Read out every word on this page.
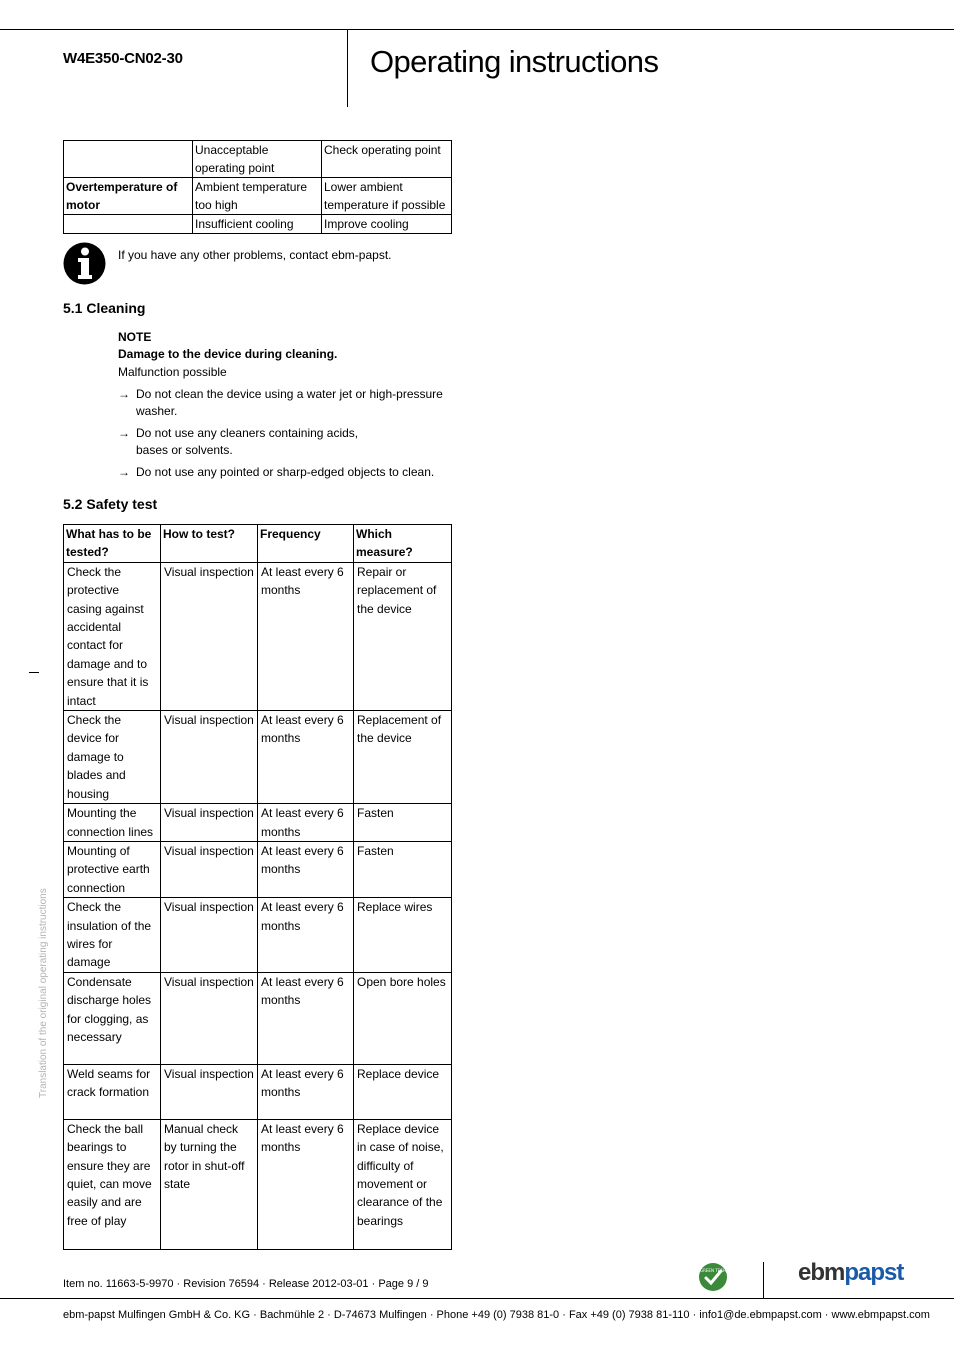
W4E350-CN02-30	Operating instructions
	Unacceptable operating point	Check operating point
Overtemperature of motor	Ambient temperature too high	Lower ambient temperature if possible
	Insufficient cooling	Improve cooling
If you have any other problems, contact ebm-papst.
5.1 Cleaning
NOTE
Damage to the device during cleaning.
Malfunction possible
→ Do not clean the device using a water jet or high-pressure
washer.
→ Do not use any cleaners containing acids,
bases or solvents.
→ Do not use any pointed or sharp-edged objects to clean.
5.2 Safety test
What has to be tested?	How to test?	Frequency	Which measure?
Check the protective casing against accidental contact for damage and to ensure that it is intact	Visual inspection	At least every 6 months	Repair or replacement of the device
Check the device for damage to blades and housing	Visual inspection	At least every 6 months	Replacement of the device
Mounting the connection lines	Visual inspection	At least every 6 months	Fasten
Mounting of protective earth connection	Visual inspection	At least every 6 months	Fasten
Check the insulation of the wires for damage	Visual inspection	At least every 6 months	Replace wires
Condensate discharge holes for clogging, as necessary	Visual inspection	At least every 6 months	Open bore holes
Weld seams for crack formation	Visual inspection	At least every 6 months	Replace device
Check the ball bearings to ensure they are quiet, can move easily and are free of play	Manual check by turning the rotor in shut-off state	At least every 6 months	Replace device in case of noise, difficulty of movement or clearance of the bearings
Translation of the original operating instructions
Item no. 11663-5-9970 · Revision 76594 · Release 2012-03-01 · Page 9 / 9
GREEN TECH	ebmpapst
ebm-papst Mulfingen GmbH & Co. KG · Bachmühle 2 · D-74673 Mulfingen · Phone +49 (0) 7938 81-0 · Fax +49 (0) 7938 81-110 · info1@de.ebmpapst.com · www.ebmpapst.com
